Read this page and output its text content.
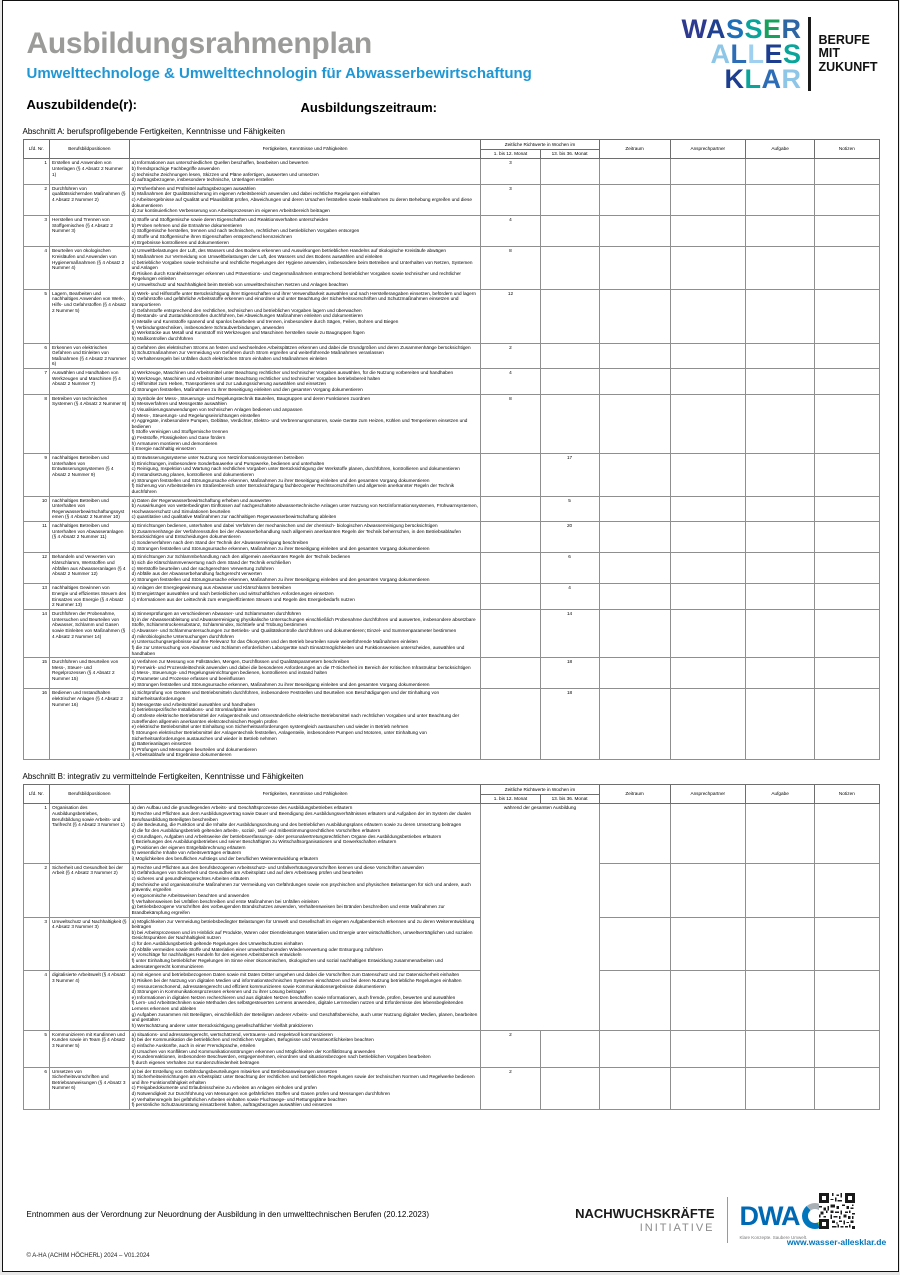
Ausbildungsrahmenplan
Umwelttechnologe & Umwelttechnologin für Abwasserbewirtschaftung
Auszubildende(r):	Ausbildungszeitraum:
WASSER
ALLES
KLAR
BERUFE
MIT
ZUKUNFT
Abschnitt A: berufsprofilgebende Fertigkeiten, Kenntnisse und Fähigkeiten
Lfd. Nr.	Berufsbildpositionen	Fertigkeiten, Kenntnisse und Fähigkeiten	Zeitliche Richtwerte in Wochen im		Zeitraum	Ansprechpartner	Aufgabe	Notizen
			1. bis 12. Monat	13. bis 36. Monat				
1	Erstellen und Anwenden von Unterlagen (§ 4 Absatz 2 Nummer 1)	a) Informationen aus unterschiedlichen Quellen beschaffen, bearbeiten und bewerten
b) fremdsprachige Fachbegriffe anwenden
c) technische Zeichnungen lesen, Skizzen und Pläne anfertigen, auswerten und umsetzen
d) auftragsbezogene, insbesondere technische, Unterlagen erstellen	3					
2	Durchführen von qualitätssichernden Maßnahmen (§ 4 Absatz 2 Nummer 2)	a) Prüfverfahren und Prüfmittel auftragsbezogen auswählen
b) Maßnahmen der Qualitätssicherung im eigenen Arbeitsbereich anwenden und dabei rechtliche Regelungen einhalten
c) Arbeitsergebnisse auf Qualität und Plausibilität prüfen, Abweichungen und deren Ursachen feststellen sowie Maßnahmen zu deren Behebung ergreifen und diese dokumentieren
d) zur kontinuierlichen Verbesserung von Arbeitsprozessen im eigenen Arbeitsbereich beitragen	3					
3	Herstellen und Trennen von Stoffgemischen (§ 4 Absatz 2 Nummer 3)	a) Stoffe und Stoffgemische sowie deren Eigenschaften und Reaktionsverhalten unterscheiden
b) Proben nehmen und die Entnahme dokumentieren
c) Stoffgemische herstellen, trennen und nach technischen, rechtlichen und betrieblichen Vorgaben entsorgen
d) Stoffe und Stoffgemische ihren Eigenschaften entsprechend kennzeichnen
e) Ergebnisse kontrollieren und dokumentieren	4					
4	Beurteilen von ökologischen Kreisläufen und Anwenden von Hygienemaßnahmen (§ 4 Absatz 2 Nummer 4)	a) Umweltbelastungen der Luft, des Wassers und des Bodens erkennen und Auswirkungen betrieblichen Handelns auf ökologische Kreisläufe abwägen
b) Maßnahmen zur Vermeidung von Umweltbelastungen der Luft, des Wassers und des Bodens auswählen und einleiten
c) betriebliche Vorgaben sowie technische und rechtliche Regelungen der Hygiene anwenden, insbesondere beim Betreiben und Unterhalten von Netzen, Systemen und Anlagen
d) Risiken durch Krankheitserreger erkennen und Präventions- und Gegenmaßnahmen entsprechend betrieblicher Vorgaben sowie technischer und rechtlicher Regelungen einleiten
e) Umweltschutz und Nachhaltigkeit beim Betrieb von umwelttechnischen Netzen und Anlagen beachten	8					
5	Lagern, Bearbeiten und nachhaltiges Anwenden von Werk-, Hilfs- und Gefahrstoffen (§ 4 Absatz 2 Nummer 5)	
a) Werk- und Hilfsstoffe unter Berücksichtigung ihrer Eigenschaften und ihrer Verwendbarkeit auswählen und nach Herstellerangaben einsetzen, befördern und lagern
b) Gefahrstoffe und gefährliche Arbeitsstoffe erkennen und einordnen und unter Beachtung der Sicherheitsvorschriften und Schutzmaßnahmen einsetzen und transportieren
c) Gefahrstoffe entsprechend den rechtlichen, technischen und betrieblichen Vorgaben lagern und überwachen
d) Bestands- und Zustandskontrollen durchführen, bei Abweichungen Maßnahmen einleiten und dokumentieren
e) Metalle und Kunststoffe spanend und spanlos bearbeiten und trennen, insbesondere durch Sägen, Feilen, Bohren und Biegen
f) Verbindungstechniken, insbesondere Schraubverbindungen, anwenden
g) Werkstücke aus Metall und Kunststoff mit Werkzeugen und Maschinen herstellen sowie zu Baugruppen fügen
h) Maßkontrollen durchführen
	12					
6	Erkennen von elektrischen Gefahren und Einleiten von Maßnahmen (§ 4 Absatz 2 Nummer 6)	a) Gefahren des elektrischen Stroms an festen und wechselnden Arbeitsplätzen erkennen und dabei die Grundgrößen und deren Zusammenhänge berücksichtigen
b) Schutzmaßnahmen zur Vermeidung von Gefahren durch Strom ergreifen und weiterführende Maßnahmen veranlassen
c) Verhaltensregeln bei Unfällen durch elektrischen Strom einhalten und Maßnahmen einleiten	2					
7	Auswählen und Handhaben von Werkzeugen und Maschinen (§ 4 Absatz 2 Nummer 7)	a) Werkzeuge, Maschinen und Arbeitsmittel unter Beachtung rechtlicher und technischer Vorgaben auswählen, für die Nutzung vorbereiten und handhaben
b) Werkzeuge, Maschinen und Arbeitsmittel unter Beachtung rechtlicher und technischer Vorgaben betriebsbereit halten
c) Hilfsmittel zum Heben, Transportieren und zur Ladungssicherung auswählen und einsetzen
d) Störungen feststellen, Maßnahmen zu ihrer Beseitigung einleiten und den gesamten Vorgang dokumentieren	4					
8	Betreiben von technischen Systemen (§ 4 Absatz 2 Nummer 8)	
a) Symbole der Mess-, Steuerungs- und Regelungstechnik Bauteilen, Baugruppen und deren Funktionen zuordnen
b) Messverfahren und Messgeräte auswählen
c) Visualisierungsanwendungen von technischen Anlagen bedienen und anpassen
d) Mess-, Steuerungs- und Regelungseinrichtungen einstellen
e) Aggregate, insbesondere Pumpen, Gebläse, Verdichter, Elektro- und Verbrennungsmotoren, sowie Geräte zum Heizen, Kühlen und Temperieren einsetzen und bedienen
f) Stoffe vereinigen und Stoffgemische trennen
g) Feststoffe, Flüssigkeiten und Gase fördern
h) Armaturen montieren und demontieren
i) Energie nachhaltig einsetzen
	8					
9	nachhaltiges Betreiben und Unterhalten von Entwässerungssystemen (§ 4 Absatz 2 Nummer 9)	
a) Entwässerungssysteme unter Nutzung von Netzinformationssystemen betreiben
b) Einrichtungen, insbesondere Sonderbauwerke und Pumpwerke, bedienen und unterhalten
c) Reinigung, Inspektion und Wartung nach rechtlichen Vorgaben unter Berücksichtigung der Werkstoffe planen, durchführen, kontrollieren und dokumentieren
d) Instandsetzung planen, kontrollieren und dokumentieren
e) Störungen feststellen und Störungsursache erkennen, Maßnahmen zu ihrer Beseitigung einleiten und den gesamten Vorgang dokumentieren
f) Sicherung von Arbeitsstellen im Straßenbereich unter Berücksichtigung fachbezogener Rechtsvorschriften und allgemein anerkannter Regeln der Technik durchführen
		17				
10	nachhaltiges Betreiben und Unterhalten von Regenwasserbewirtschaftungssystemen (§ 4 Absatz 2 Nummer 10)	a) Daten der Regenwasserbewirtschaftung erheben und auswerten
b) Auswirkungen von wetterbedingten Einflüssen auf nachgeschaltete abwassertechnische Anlagen unter Nutzung von Netzinformationssystemen, Frühwarnsystemen, Hochwasserschutz und Simulationen beurteilen
c) quantitative und qualitative Maßnahmen zur nachhaltigen Regenwasserbewirtschaftung ableiten		5				
11	nachhaltiges Betreiben und Unterhalten von Abwasseranlagen (§ 4 Absatz 2 Nummer 11)	a) Einrichtungen bedienen, unterhalten und dabei Verfahren der mechanischen und der chemisch- biologischen Abwasserreinigung berücksichtigen
b) Zusammenhänge der Verfahrensstufen bei der Abwasserbehandlung nach allgemein anerkannten Regeln der Technik beherrschen, in den Betriebsabläufen berücksichtigen und Entscheidungen dokumentieren
c) Sonderverfahren nach dem Stand der Technik der Abwasserreinigung beschreiben
d) Störungen feststellen und Störungsursache erkennen, Maßnahmen zu ihrer Beseitigung einleiten und den gesamten Vorgang dokumentieren		20				
12	Behandeln und Verwerten von Klärschlamm, Wertstoffen und Abfällen aus Abwasseranlagen (§ 4 Absatz 2 Nummer 12)	a) Einrichtungen zur Schlammbehandlung nach den allgemein anerkannten Regeln der Technik bedienen
b) sich die Klärschlammverwertung nach dem Stand der Technik erschließen
c) Wertstoffe beurteilen und der sachgerechten Verwertung zuführen
d) Abfälle aus der Abwasserbehandlung fachgerecht verwerten
e) Störungen feststellen und Störungsursache erkennen, Maßnahmen zu ihrer Beseitigung einleiten und den gesamten Vorgang dokumentieren		6				
13	nachhaltiges Gewinnen von Energie und effizientes Steuern des Einsatzes von Energie (§ 4 Absatz 2 Nummer 13)	a) Anlagen der Energiegewinnung aus Abwasser und Klärschlamm betreiben
b) Energieträger auswählen und nach betrieblichen und wirtschaftlichen Anforderungen einsetzen
c) Informationen aus der Leittechnik zum energieeffizienten Steuern und Regeln des Energiebedarfs nutzen		4				
14	Durchführen der Probenahme, Untersuchen und Beurteilen von Abwasser, Schlamm und Gasen sowie Einleiten von Maßnahmen (§ 4 Absatz 2 Nummer 14)	
a) Sinnesprüfungen an verschiedenen Abwasser- und Schlammarten durchführen
b) in der Abwasserableitung und Abwasserreinigung physikalische Untersuchungen einschließlich Probenahme durchführen und auswerten, insbesondere absetzbare Stoffe, Schlammtrockensubstanz, Schlammindex, Sichttiefe und Trübung bestimmen
c) Abwasser- und Schlammuntersuchungen zur Betriebs- und Qualitätskontrolle durchführen und dokumentieren; Einzel- und Summenparameter bestimmen
d) mikrobiologische Untersuchungen durchführen
e) Untersuchungsergebnisse auf ihre Relevanz für das Ökosystem und den Betrieb beurteilen sowie weiterführende Maßnahmen einleiten
f) die zur Untersuchung von Abwasser und Schlamm erforderlichen Laborgeräte nach Einsatzmöglichkeiten und Funktionsweisen unterscheiden, auswählen und handhaben
		14				
15	Durchführen und Beurteilen von Mess-, Steuer- und Regelprozessen (§ 4 Absatz 2 Nummer 15)	a) Verfahren zur Messung von Füllständen, Mengen, Durchflüssen und Qualitätsparametern beschreiben
b) Fernwirk- und Prozessleittechnik anwenden und dabei die besonderen Anforderungen an die IT-Sicherheit im Bereich der Kritischen Infrastruktur berücksichtigen
c) Mess-, Steuerungs- und Regelungseinrichtungen bedienen, kontrollieren und instand halten
d) Parameter und Prozesse erfassen und beeinflussen
e) Störungen feststellen und Störungsursache erkennen, Maßnahmen zu ihrer Beseitigung einleiten und den gesamten Vorgang dokumentieren		18				
16	Bedienen und Instandhalten elektrischer Anlagen (§ 4 Absatz 2 Nummer 16)	
a) Sichtprüfung von Geräten und Betriebsmitteln durchführen, insbesondere Feststellen und Beurteilen von Beschädigungen und der Einhaltung von Sicherheitsanforderungen
b) Messgeräte und Arbeitsmittel auswählen und handhaben
c) betriebsspezifische Installations- und Stromlaufpläne lesen
d) ortsfeste elektrische Betriebsmittel der Anlagentechnik und ortsveränderliche elektrische Betriebsmittel nach rechtlichen Vorgaben und unter Beachtung der zutreffenden allgemein anerkannten elektrotechnischen Regeln prüfen
e) elektrische Betriebsmittel unter Einhaltung von Sicherheitsanforderungen systemgleich austauschen und wieder in Betrieb nehmen
f) Störungen elektrischer Betriebsmittel der Anlagentechnik feststellen, Anlagenteile, insbesondere Pumpen und Motoren, unter Einhaltung von Sicherheitsanforderungen austauschen und wieder in Betrieb nehmen
g) Batterieanlagen einsetzen
h) Prüfungen und Messungen beurteilen und dokumentieren
i) Arbeitsabläufe und Ergebnisse dokumentieren
		18				
Abschnitt B: integrativ zu vermittelnde Fertigkeiten, Kenntnisse und Fähigkeiten
Lfd. Nr.	Berufsbildpositionen	Fertigkeiten, Kenntnisse und Fähigkeiten	Zeitliche Richtwerte in Wochen im		Zeitraum	Ansprechpartner	Aufgabe	Notizen
			1. bis 12. Monat	13. bis 36. Monat				
1	Organisation des Ausbildungsbetriebes, Berufsbildung sowie Arbeits- und Tarifrecht (§ 4 Absatz 3 Nummer 1)	
a) den Aufbau und die grundlegenden Arbeits- und Geschäftsprozesse des Ausbildungsbetriebes erläutern
b) Rechte und Pflichten aus dem Ausbildungsvertrag sowie Dauer und Beendigung des Ausbildungsverhältnisses erläutern und Aufgaben der im System der dualen Berufsausbildung Beteiligten beschreiben
c) die Bedeutung, die Funktion und die Inhalte der Ausbildungsordnung und des betrieblichen Ausbildungsplans erläutern sowie zu deren Umsetzung beitragen
d) die für den Ausbildungsbetrieb geltenden arbeits-, sozial-, tarif- und mitbestimmungsrechtlichen Vorschriften erläutern
e) Grundlagen, Aufgaben und Arbeitsweise der betriebsverfassungs- oder personalvertretungsrechtlichen Organe des Ausbildungsbetriebes erläutern
f) Beziehungen des Ausbildungsbetriebes und seiner Beschäftigten zu Wirtschaftsorganisationen und Gewerkschaften erläutern
g) Positionen der eigenen Entgeltabrechnung erläutern
h) wesentliche Inhalte von Arbeitsverträgen erläutern
i) Möglichkeiten des beruflichen Aufstiegs und der beruflichen Weiterentwicklung erläutern
	während der gesamten Ausbildung				
2	Sicherheit und Gesundheit bei der Arbeit (§ 4 Absatz 3 Nummer 2)	
a) Rechte und Pflichten aus den berufsbezogenen Arbeitsschutz- und Unfallverhütungsvorschriften kennen und diese Vorschriften anwenden
b) Gefährdungen von Sicherheit und Gesundheit am Arbeitsplatz und auf dem Arbeitsweg prüfen und beurteilen
c) sicheres und gesundheitsgerechtes Arbeiten erläutern
d) technische und organisatorische Maßnahmen zur Vermeidung von Gefährdungen sowie von psychischen und physischen Belastungen für sich und andere, auch präventiv, ergreifen
e) ergonomische Arbeitsweisen beachten und anwenden
f) Verhaltensweisen bei Unfällen beschreiben und erste Maßnahmen bei Unfällen einleiten
g) betriebsbezogene Vorschriften des vorbeugenden Brandschutzes anwenden, Verhaltensweisen bei Bränden beschreiben und erste Maßnahmen zur Brandbekämpfung ergreifen

3	Umweltschutz und Nachhaltigkeit (§ 4 Absatz 3 Nummer 3)	
a) Möglichkeiten zur Vermeidung betriebsbedingter Belastungen für Umwelt und Gesellschaft im eigenen Aufgabenbereich erkennen und zu deren Weiterentwicklung beitragen
b) bei Arbeitsprozessen und im Hinblick auf Produkte, Waren oder Dienstleistungen Materialien und Energie unter wirtschaftlichen, umweltverträglichen und sozialen Gesichtspunkten der Nachhaltigkeit nutzen
c) für den Ausbildungsbetrieb geltende Regelungen des Umweltschutzes einhalten
d) Abfälle vermeiden sowie Stoffe und Materialien einer umweltschonenden Wiederverwertung oder Entsorgung zuführen
e) Vorschläge für nachhaltiges Handeln für den eigenen Arbeitsbereich entwickeln
f) unter Einhaltung betrieblicher Regelungen im Sinne einer ökonomischen, ökologischen und sozial nachhaltigen Entwicklung zusammenarbeiten und adressatengerecht kommunizieren

4	digitalisierte Arbeitswelt (§ 4 Absatz 3 Nummer 4)	
a) mit eigenen und betriebsbezogenen Daten sowie mit Daten Dritter umgehen und dabei die Vorschriften zum Datenschutz und zur Datensicherheit einhalten
b) Risiken bei der Nutzung von digitalen Medien und informationstechnischen Systemen einschätzen und bei deren Nutzung betriebliche Regelungen einhalten
c) ressourcenschonend, adressatengerecht und effizient kommunizieren sowie Kommunikationsergebnisse dokumentieren
d) Störungen in Kommunikationsprozessen erkennen und zu ihrer Lösung beitragen
e) Informationen in digitalen Netzen recherchieren und aus digitalen Netzen beschaffen sowie Informationen, auch fremde, prüfen, bewerten und auswählen
f) Lern- und Arbeitstechniken sowie Methoden des selbstgesteuerten Lernens anwenden, digitale Lernmedien nutzen und Erfordernisse des lebensbegleitenden Lernens erkennen und ableiten
g) Aufgaben zusammen mit Beteiligten, einschließlich der Beteiligten anderer Arbeits- und Geschäftsbereiche, auch unter Nutzung digitaler Medien, planen, bearbeiten und gestalten
h) Wertschätzung anderer unter Berücksichtigung gesellschaftlicher Vielfalt praktizieren

5	Kommunizieren mit Kundinnen und Kunden sowie im Team (§ 4 Absatz 3 Nummer 5)	
a) situations- und adressatengerecht, wertschätzend, vertrauens- und respektvoll kommunizieren
b) bei der Kommunikation die betrieblichen und rechtlichen Vorgaben, Befugnisse und Verantwortlichkeiten beachten
c) einfache Auskünfte, auch in einer Fremdsprache, erteilen
d) Ursachen von Konflikten und Kommunikationsstörungen erkennen und Möglichkeiten der Konfliktlösung anwenden
e) Kundenreaktionen, insbesondere Beschwerden, entgegennehmen, einordnen und situationsbezogen nach betrieblichen Vorgaben bearbeiten
f) durch eigenes Verhalten zur Kundenzufriedenheit beitragen
	2					
6	Umsetzen von Sicherheitsvorschriften und Betriebsanweisungen (§ 4 Absatz 3 Nummer 6)	
a) bei der Erstellung von Gefährdungsbeurteilungen mitwirken und Betriebsanweisungen umsetzen
b) Sicherheitseinrichtungen am Arbeitsplatz unter Beachtung der rechtlichen und betrieblichen Regelungen sowie der technischen Normen und Regelwerke bedienen und ihre Funktionsfähigkeit erhalten
c) Freigabedokumente und Erlaubnisscheine zu Arbeiten an Anlagen einholen und prüfen
d) Notwendigkeit zur Durchführung von Messungen von gefährlichen Stoffen und Gasen prüfen und Messungen durchführen
e) Verhaltensregeln bei gefährlichen Arbeiten einhalten sowie Fluchtwege- und Rettungspläne beachten
f) persönliche Schutzausrüstung einsatzbereit halten, auftragsbezogen auswählen und einsetzen
	2					
Entnommen aus der Verordnung zur Neuordnung der Ausbildung in den umwelttechnischen Berufen (20.12.2023)
© A-HA (ACHIM HÖCHERL) 2024 – V01.2024
NACHWUCHSKRÄFTE
INITIATIVE DWA
Klare Konzepte. Saubere Umwelt.
www.wasser-allesklar.de
